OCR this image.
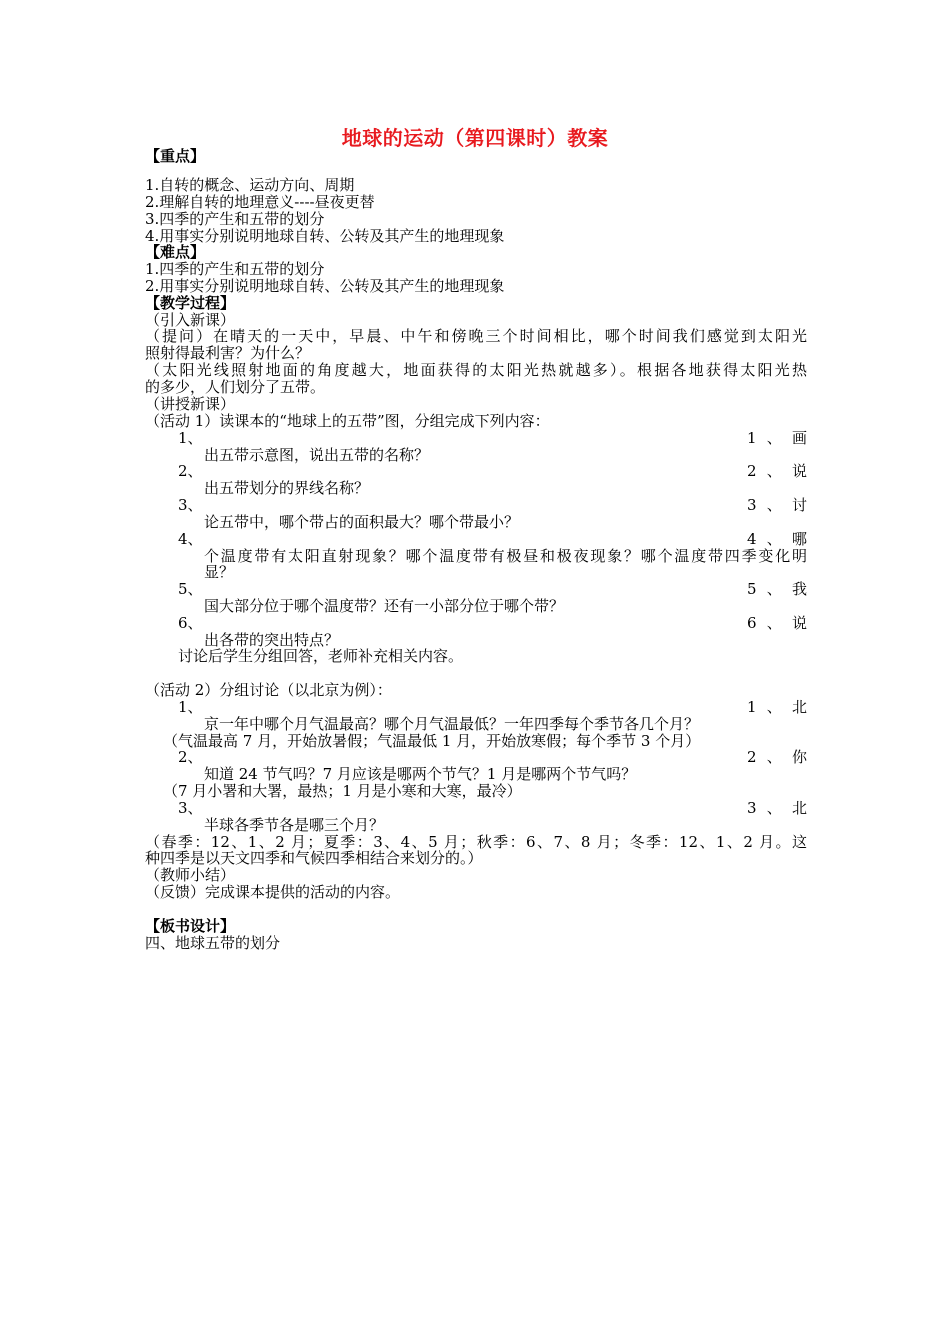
地球的运动（第四课时）教案
【重点】
1.自转的概念、运动方向、周期
2.理解自转的地理意义----昼夜更替
3.四季的产生和五带的划分
4.用事实分别说明地球自转、公转及其产生的地理现象
【难点】
1.四季的产生和五带的划分
2.用事实分别说明地球自转、公转及其产生的地理现象
【教学过程】
（引入新课）
（提问）在晴天的一天中，早晨、中午和傍晚三个时间相比，哪个时间我们感觉到太阳光
照射得最利害？为什么？
（太阳光线照射地面的角度越大，地面获得的太阳光热就越多）。根据各地获得太阳光热
的多少，人们划分了五带。
（讲授新课）
（活动 1）读课本的“地球上的五带”图，分组完成下列内容：
1、	1 、 画
出五带示意图，说出五带的名称？
2、	2 、 说
出五带划分的界线名称？
3、	3 、 讨
论五带中，哪个带占的面积最大？哪个带最小？
4、	4 、 哪
个温度带有太阳直射现象？哪个温度带有极昼和极夜现象？哪个温度带四季变化明
显？
5、	5 、 我
国大部分位于哪个温度带？还有一小部分位于哪个带？
6、	6 、 说
出各带的突出特点？
讨论后学生分组回答，老师补充相关内容。
（活动 2）分组讨论（以北京为例）：
1、	1 、 北
京一年中哪个月气温最高？哪个月气温最低？一年四季每个季节各几个月？
（气温最高 7 月，开始放暑假；气温最低 1 月，开始放寒假；每个季节 3 个月）
2、	2 、 你
知道 24 节气吗？7 月应该是哪两个节气？1 月是哪两个节气吗？
（7 月小署和大署，最热；1 月是小寒和大寒，最冷）
3、	3 、 北
半球各季节各是哪三个月？
（春季：12、1、2 月；夏季：3、4、5 月；秋季：6、7、8 月；冬季：12、1、2 月。这
种四季是以天文四季和气候四季相结合来划分的。）
（教师小结）
（反馈）完成课本提供的活动的内容。
【板书设计】
四、地球五带的划分
